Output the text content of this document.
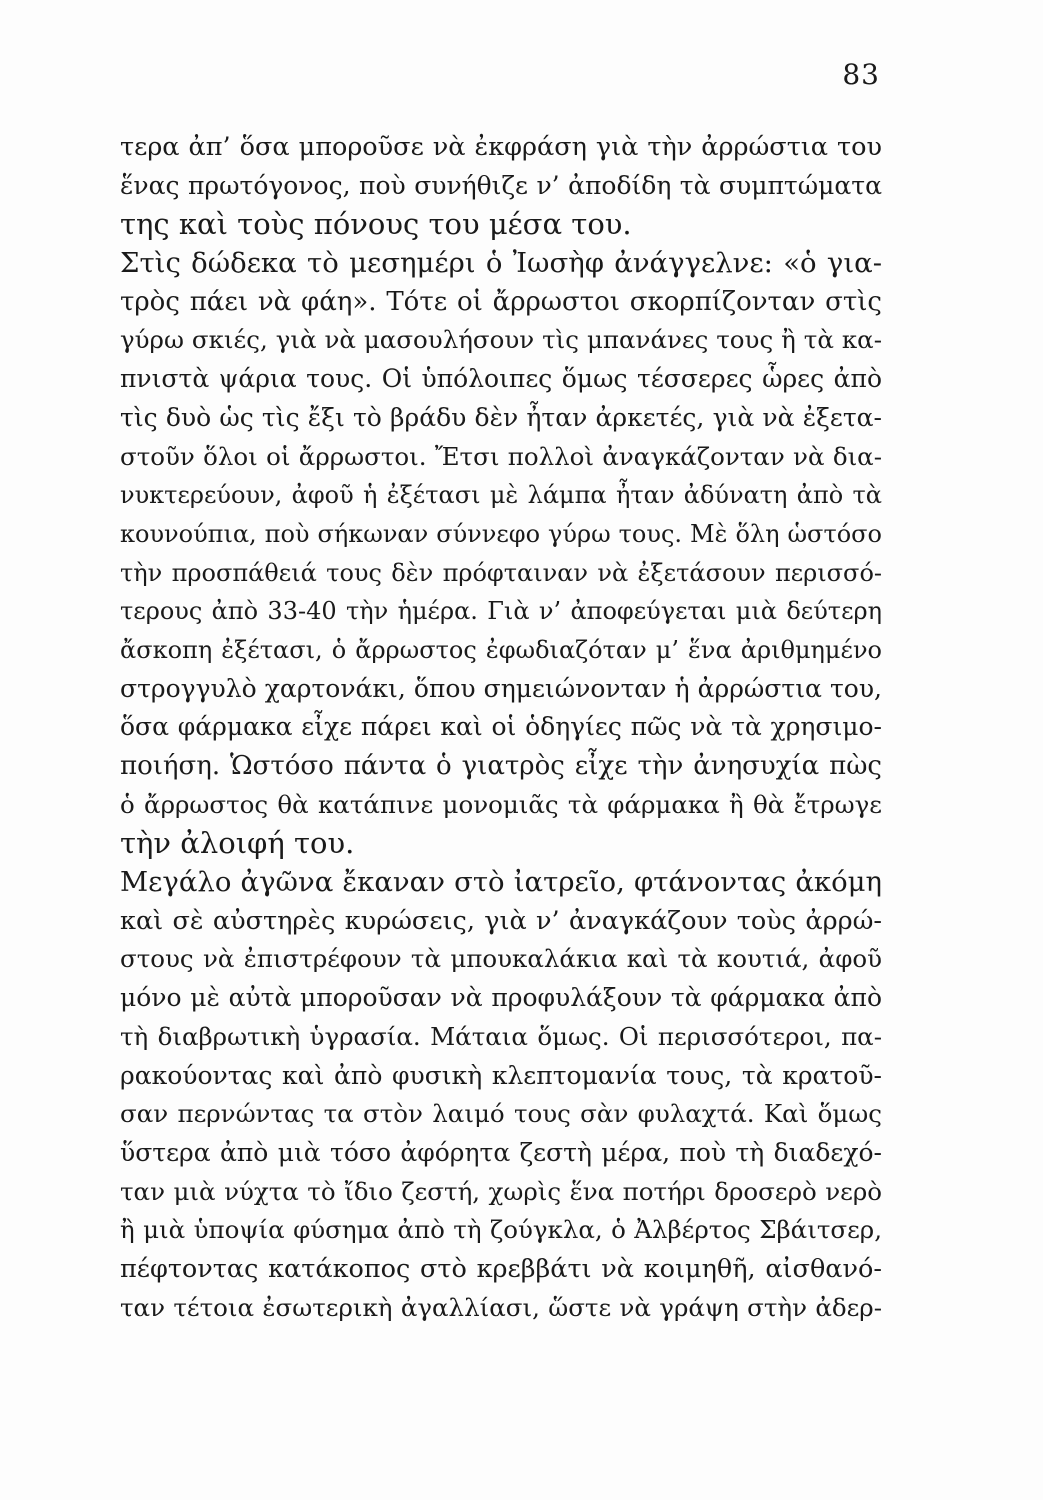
83
τερα ἀπ’ ὅσα μποροῦσε νὰ ἐκφράση γιὰ τὴν ἀρρώστια του
ἕνας πρωτόγονος, ποὺ συνήθιζε ν’ ἀποδίδη τὰ συμπτώματα
της καὶ τοὺς πόνους του μέσα του.
Στὶς δώδεκα τὸ μεσημέρι ὁ Ἰωσὴφ ἀνάγγελνε: «ὁ για-
τρὸς πάει νὰ φάη». Τότε οἱ ἄρρωστοι σκορπίζονταν στὶς
γύρω σκιές, γιὰ νὰ μασουλήσουν τὶς μπανάνες τους ἢ τὰ κα-
πνιστὰ ψάρια τους. Οἱ ὑπόλοιπες ὅμως τέσσερες ὧρες ἀπὸ
τὶς δυὸ ὡς τὶς ἔξι τὸ βράδυ δὲν ἦταν ἀρκετές, γιὰ νὰ ἐξετα-
στοῦν ὅλοι οἱ ἄρρωστοι. Ἔτσι πολλοὶ ἀναγκάζονταν νὰ δια-
νυκτερεύουν, ἀφοῦ ἡ ἐξέτασι μὲ λάμπα ἦταν ἀδύνατη ἀπὸ τὰ
κουνούπια, ποὺ σήκωναν σύννεφο γύρω τους. Μὲ ὅλη ὡστόσο
τὴν προσπάθειά τους δὲν πρόφταιναν νὰ ἐξετάσουν περισσό-
τερους ἀπὸ 33-40 τὴν ἡμέρα. Γιὰ ν’ ἀποφεύγεται μιὰ δεύτερη
ἄσκοπη ἐξέτασι, ὁ ἄρρωστος ἐφωδιαζόταν μ’ ἕνα ἀριθμημένο
στρογγυλὸ χαρτονάκι, ὅπου σημειώνονταν ἡ ἀρρώστια του,
ὅσα φάρμακα εἶχε πάρει καὶ οἱ ὁδηγίες πῶς νὰ τὰ χρησιμο-
ποιήση. Ὡστόσο πάντα ὁ γιατρὸς εἶχε τὴν ἀνησυχία πὼς
ὁ ἄρρωστος θὰ κατάπινε μονομιᾶς τὰ φάρμακα ἢ θὰ ἔτρωγε
τὴν ἀλοιφή του.
Μεγάλο ἀγῶνα ἔκαναν στὸ ἰατρεῖο, φτάνοντας ἀκόμη
καὶ σὲ αὐστηρὲς κυρώσεις, γιὰ ν’ ἀναγκάζουν τοὺς ἀρρώ-
στους νὰ ἐπιστρέφουν τὰ μπουκαλάκια καὶ τὰ κουτιά, ἀφοῦ
μόνο μὲ αὐτὰ μποροῦσαν νὰ προφυλάξουν τὰ φάρμακα ἀπὸ
τὴ διαβρωτικὴ ὑγρασία. Μάταια ὅμως. Οἱ περισσότεροι, πα-
ρακούοντας καὶ ἀπὸ φυσικὴ κλεπτομανία τους, τὰ κρατοῦ-
σαν περνώντας τα στὸν λαιμό τους σὰν φυλαχτά. Καὶ ὅμως
ὕστερα ἀπὸ μιὰ τόσο ἀφόρητα ζεστὴ μέρα, ποὺ τὴ διαδεχό-
ταν μιὰ νύχτα τὸ ἴδιο ζεστή, χωρὶς ἕνα ποτήρι δροσερὸ νερὸ
ἢ μιὰ ὑποψία φύσημα ἀπὸ τὴ ζούγκλα, ὁ Ἀλβέρτος Σβάιτσερ,
πέφτοντας κατάκοπος στὸ κρεββάτι νὰ κοιμηθῆ, αἰσθανό-
ταν τέτοια ἐσωτερικὴ ἀγαλλίασι, ὥστε νὰ γράψη στὴν ἀδερ-
